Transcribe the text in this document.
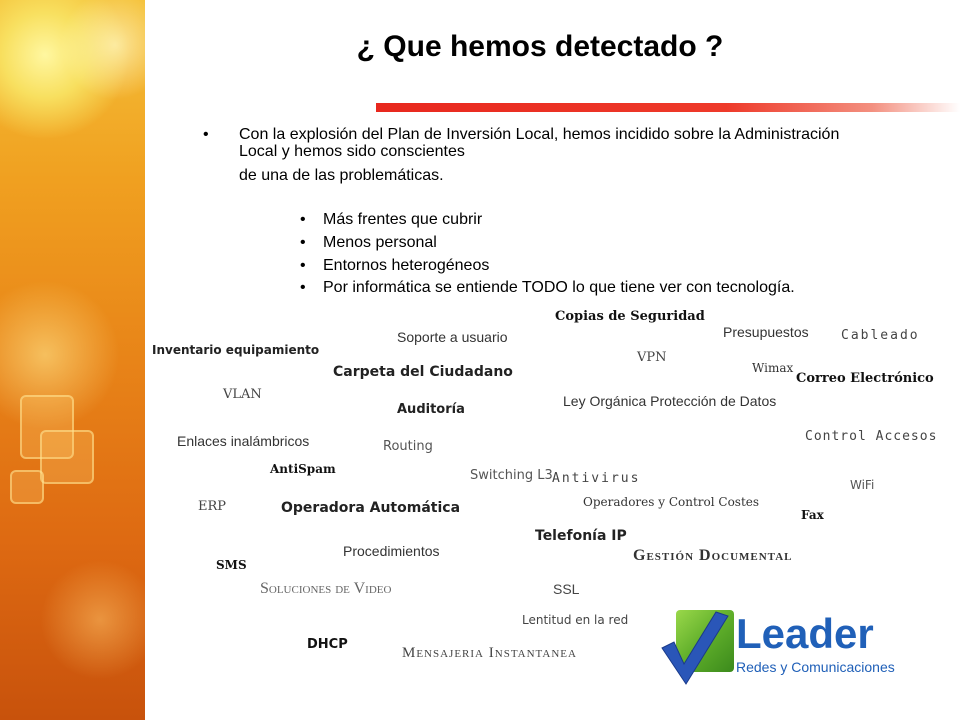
¿ Que hemos detectado ?
• Con la explosión del Plan de Inversión Local, hemos incidido sobre la Administración Local y hemos sido conscientes
de una de las problemáticas.
• Más frentes que cubrir
• Menos personal
• Entornos heterogéneos
• Por informática se entiende TODO lo que tiene ver con tecnología.
Copias de Seguridad
Soporte a usuario	Presupuestos Cableado
Inventario equipamiento	VPN
Wimax
Carpeta del Ciudadano	Correo Electrónico
VLAN	Ley Orgánica Protección de Datos
Auditoría
Enlaces inalámbricos	Control Accesos
Routing
AntiSpam	Switching L3 Antivirus	WiFi
Operadores y Control Costes
ERP	Operadora Automática	Fax
Telefonía IP
Procedimientos	Gestión Documental
SMS
Soluciones de Video	SSL
Lentitud en la red
DHCP
Mensajeria Instantanea	Leader
Redes y Comunicaciones
